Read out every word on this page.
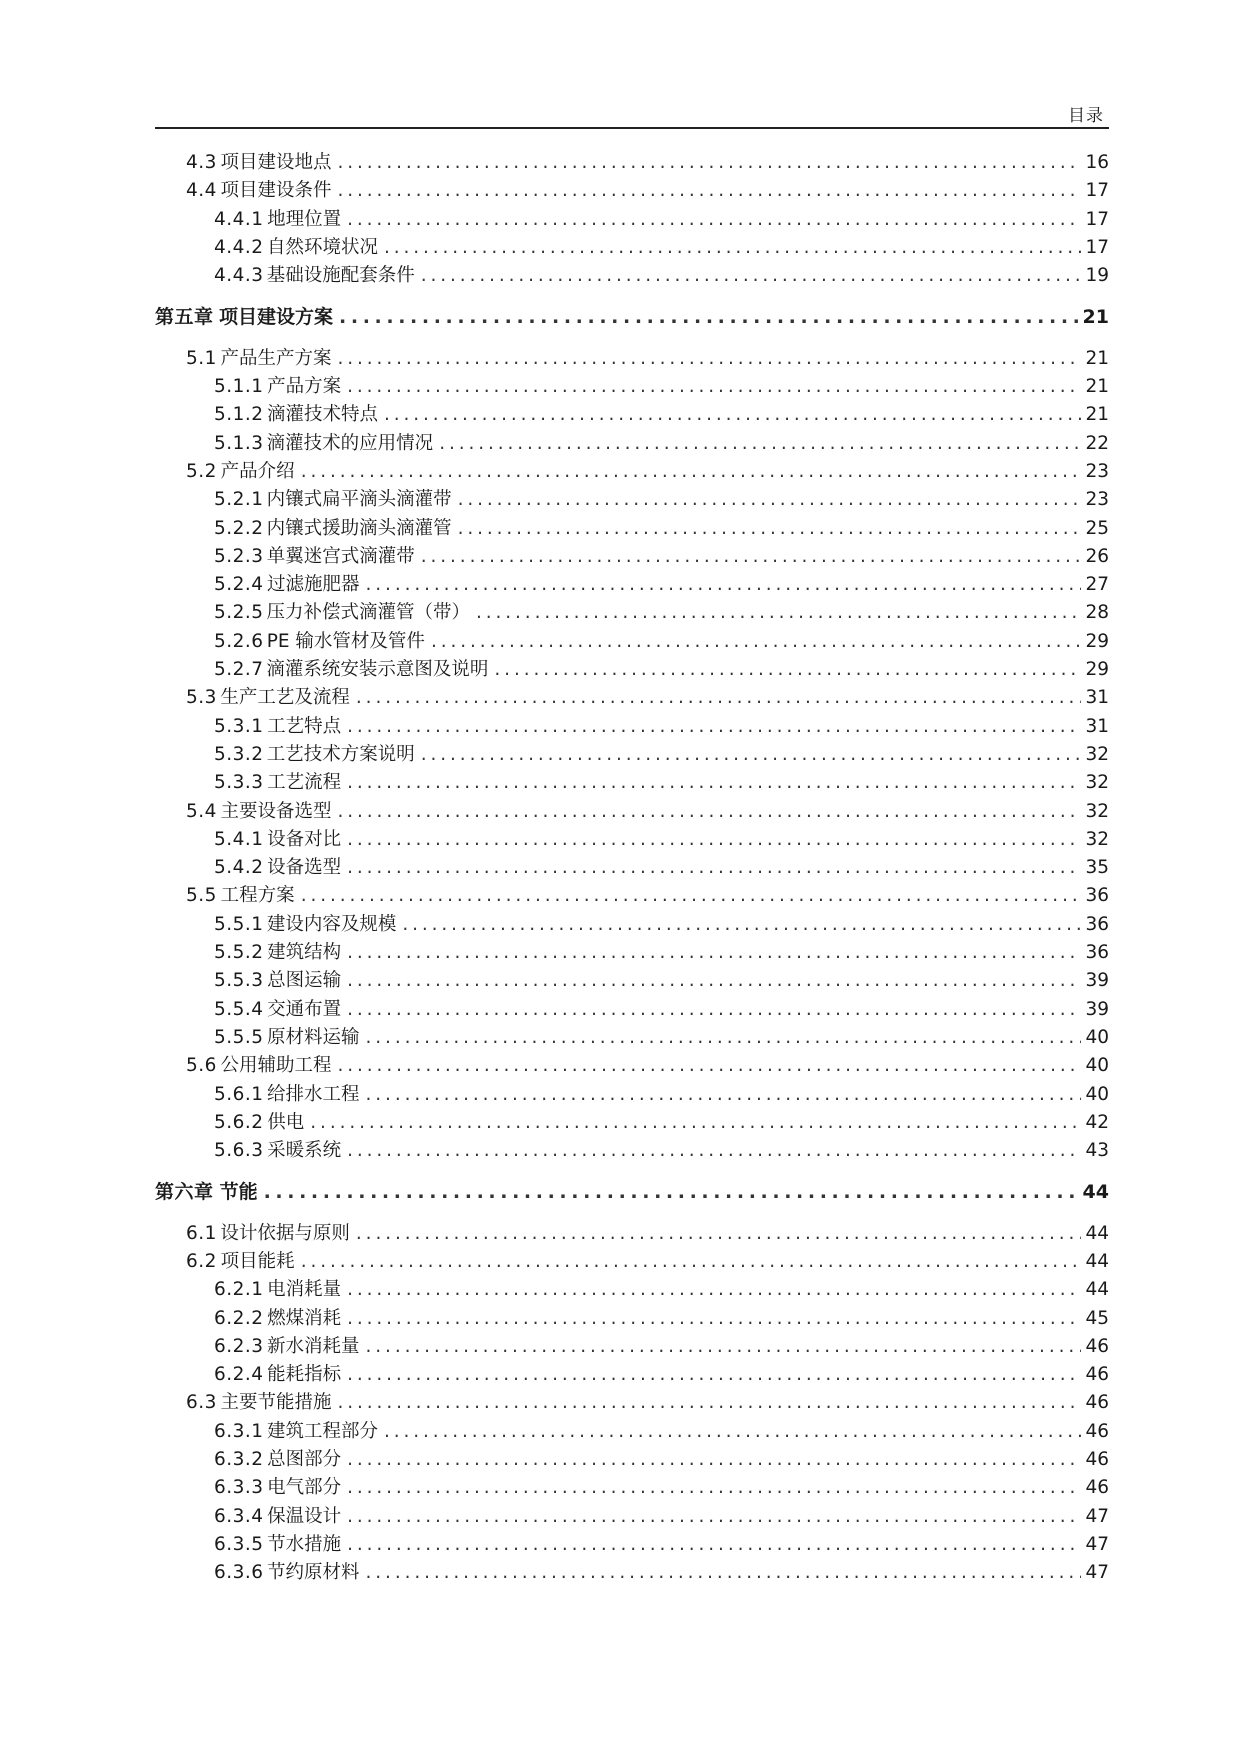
目录
4.3 项目建设地点 . . .	16
4.4 项目建设条件 . . .	17
4.4.1 地理位置 . . .	17
4.4.2 自然环境状况 . . .	17
4.4.3 基础设施配套条件 . . .	19
第五章 项目建设方案 . . .	21
5.1 产品生产方案 . . .	21
5.1.1 产品方案 . . .	21
5.1.2 滴灌技术特点 . . .	21
5.1.3 滴灌技术的应用情况 . . .	22
5.2 产品介绍 . . .	23
5.2.1 内镶式扁平滴头滴灌带 . . .	23
5.2.2 内镶式援助滴头滴灌管 . . .	25
5.2.3 单翼迷宫式滴灌带 . . .	26
5.2.4 过滤施肥器 . . .	27
5.2.5 压力补偿式滴灌管（带） . . .	28
5.2.6 PE 输水管材及管件 . . .	29
5.2.7 滴灌系统安装示意图及说明 . . .	29
5.3 生产工艺及流程 . . .	31
5.3.1 工艺特点 . . .	31
5.3.2 工艺技术方案说明 . . .	32
5.3.3 工艺流程 . . .	32
5.4 主要设备选型 . . .	32
5.4.1 设备对比 . . .	32
5.4.2 设备选型 . . .	35
5.5 工程方案 . . .	36
5.5.1 建设内容及规模 . . .	36
5.5.2 建筑结构 . . .	36
5.5.3 总图运输 . . .	39
5.5.4 交通布置 . . .	39
5.5.5 原材料运输 . . .	40
5.6 公用辅助工程 . . .	40
5.6.1 给排水工程 . . .	40
5.6.2 供电 . . .	42
5.6.3 采暖系统 . . .	43
第六章 节能 . . .	44
6.1 设计依据与原则 . . .	44
6.2 项目能耗 . . .	44
6.2.1 电消耗量 . . .	44
6.2.2 燃煤消耗 . . .	45
6.2.3 新水消耗量 . . .	46
6.2.4 能耗指标 . . .	46
6.3 主要节能措施 . . .	46
6.3.1 建筑工程部分 . . .	46
6.3.2 总图部分 . . .	46
6.3.3 电气部分 . . .	46
6.3.4 保温设计 . . .	47
6.3.5 节水措施 . . .	47
6.3.6 节约原材料 . . .	47
